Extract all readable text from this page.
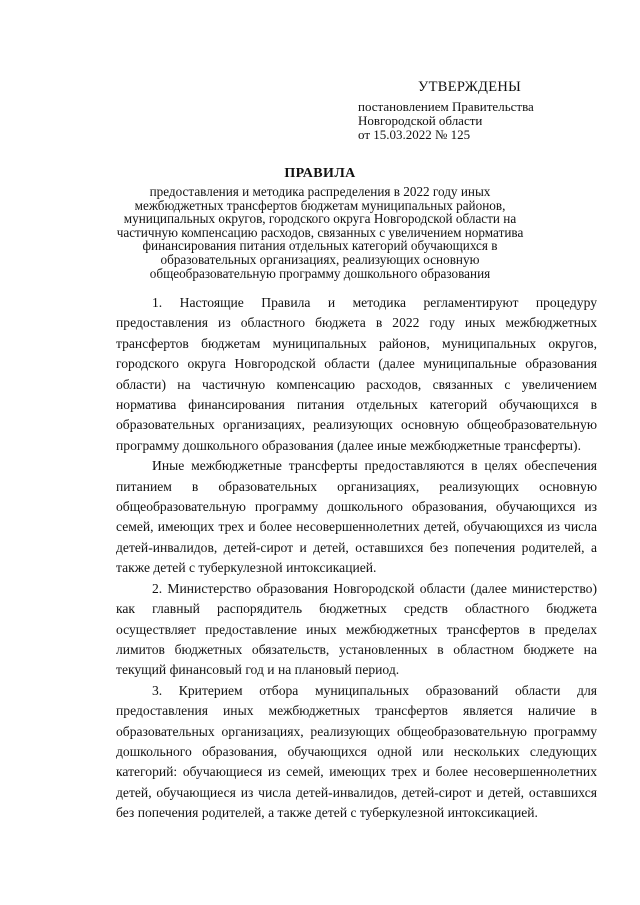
УТВЕРЖДЕНЫ
постановлением Правительства
Новгородской области
от 15.03.2022 № 125
ПРАВИЛА
предоставления и методика распределения в 2022 году иных межбюджетных трансфертов бюджетам муниципальных районов, муниципальных округов, городского округа Новгородской области на частичную компенсацию расходов, связанных с увеличением норматива финансирования питания отдельных категорий обучающихся в образовательных организациях, реализующих основную общеобразовательную программу дошкольного образования

1. Настоящие Правила и методика регламентируют процедуру предоставления из областного бюджета в 2022 году иных межбюджетных трансфертов бюджетам муниципальных районов, муниципальных округов, городского округа Новгородской области (далее муниципальные образования области) на частичную компенсацию расходов, связанных с увеличением норматива финансирования питания отдельных категорий обучающихся в образовательных организациях, реализующих основную общеобразовательную программу дошкольного образования (далее иные межбюджетные трансферты).

Иные межбюджетные трансферты предоставляются в целях обеспечения питанием в образовательных организациях, реализующих основную общеобразовательную программу дошкольного образования, обучающихся из семей, имеющих трех и более несовершеннолетних детей, обучающихся из числа детей-инвалидов, детей-сирот и детей, оставшихся без попечения родителей, а также детей с туберкулезной интоксикацией.

2. Министерство образования Новгородской области (далее министерство) как главный распорядитель бюджетных средств областного бюджета осуществляет предоставление иных межбюджетных трансфертов в пределах лимитов бюджетных обязательств, установленных в областном бюджете на текущий финансовый год и на плановый период.

3. Критерием отбора муниципальных образований области для предоставления иных межбюджетных трансфертов является наличие в образовательных организациях, реализующих общеобразовательную программу дошкольного образования, обучающихся одной или нескольких следующих категорий: обучающиеся из семей, имеющих трех и более несовершеннолетних детей, обучающиеся из числа детей-инвалидов, детей-сирот и детей, оставшихся без попечения родителей, а также детей с туберкулезной интоксикацией.
